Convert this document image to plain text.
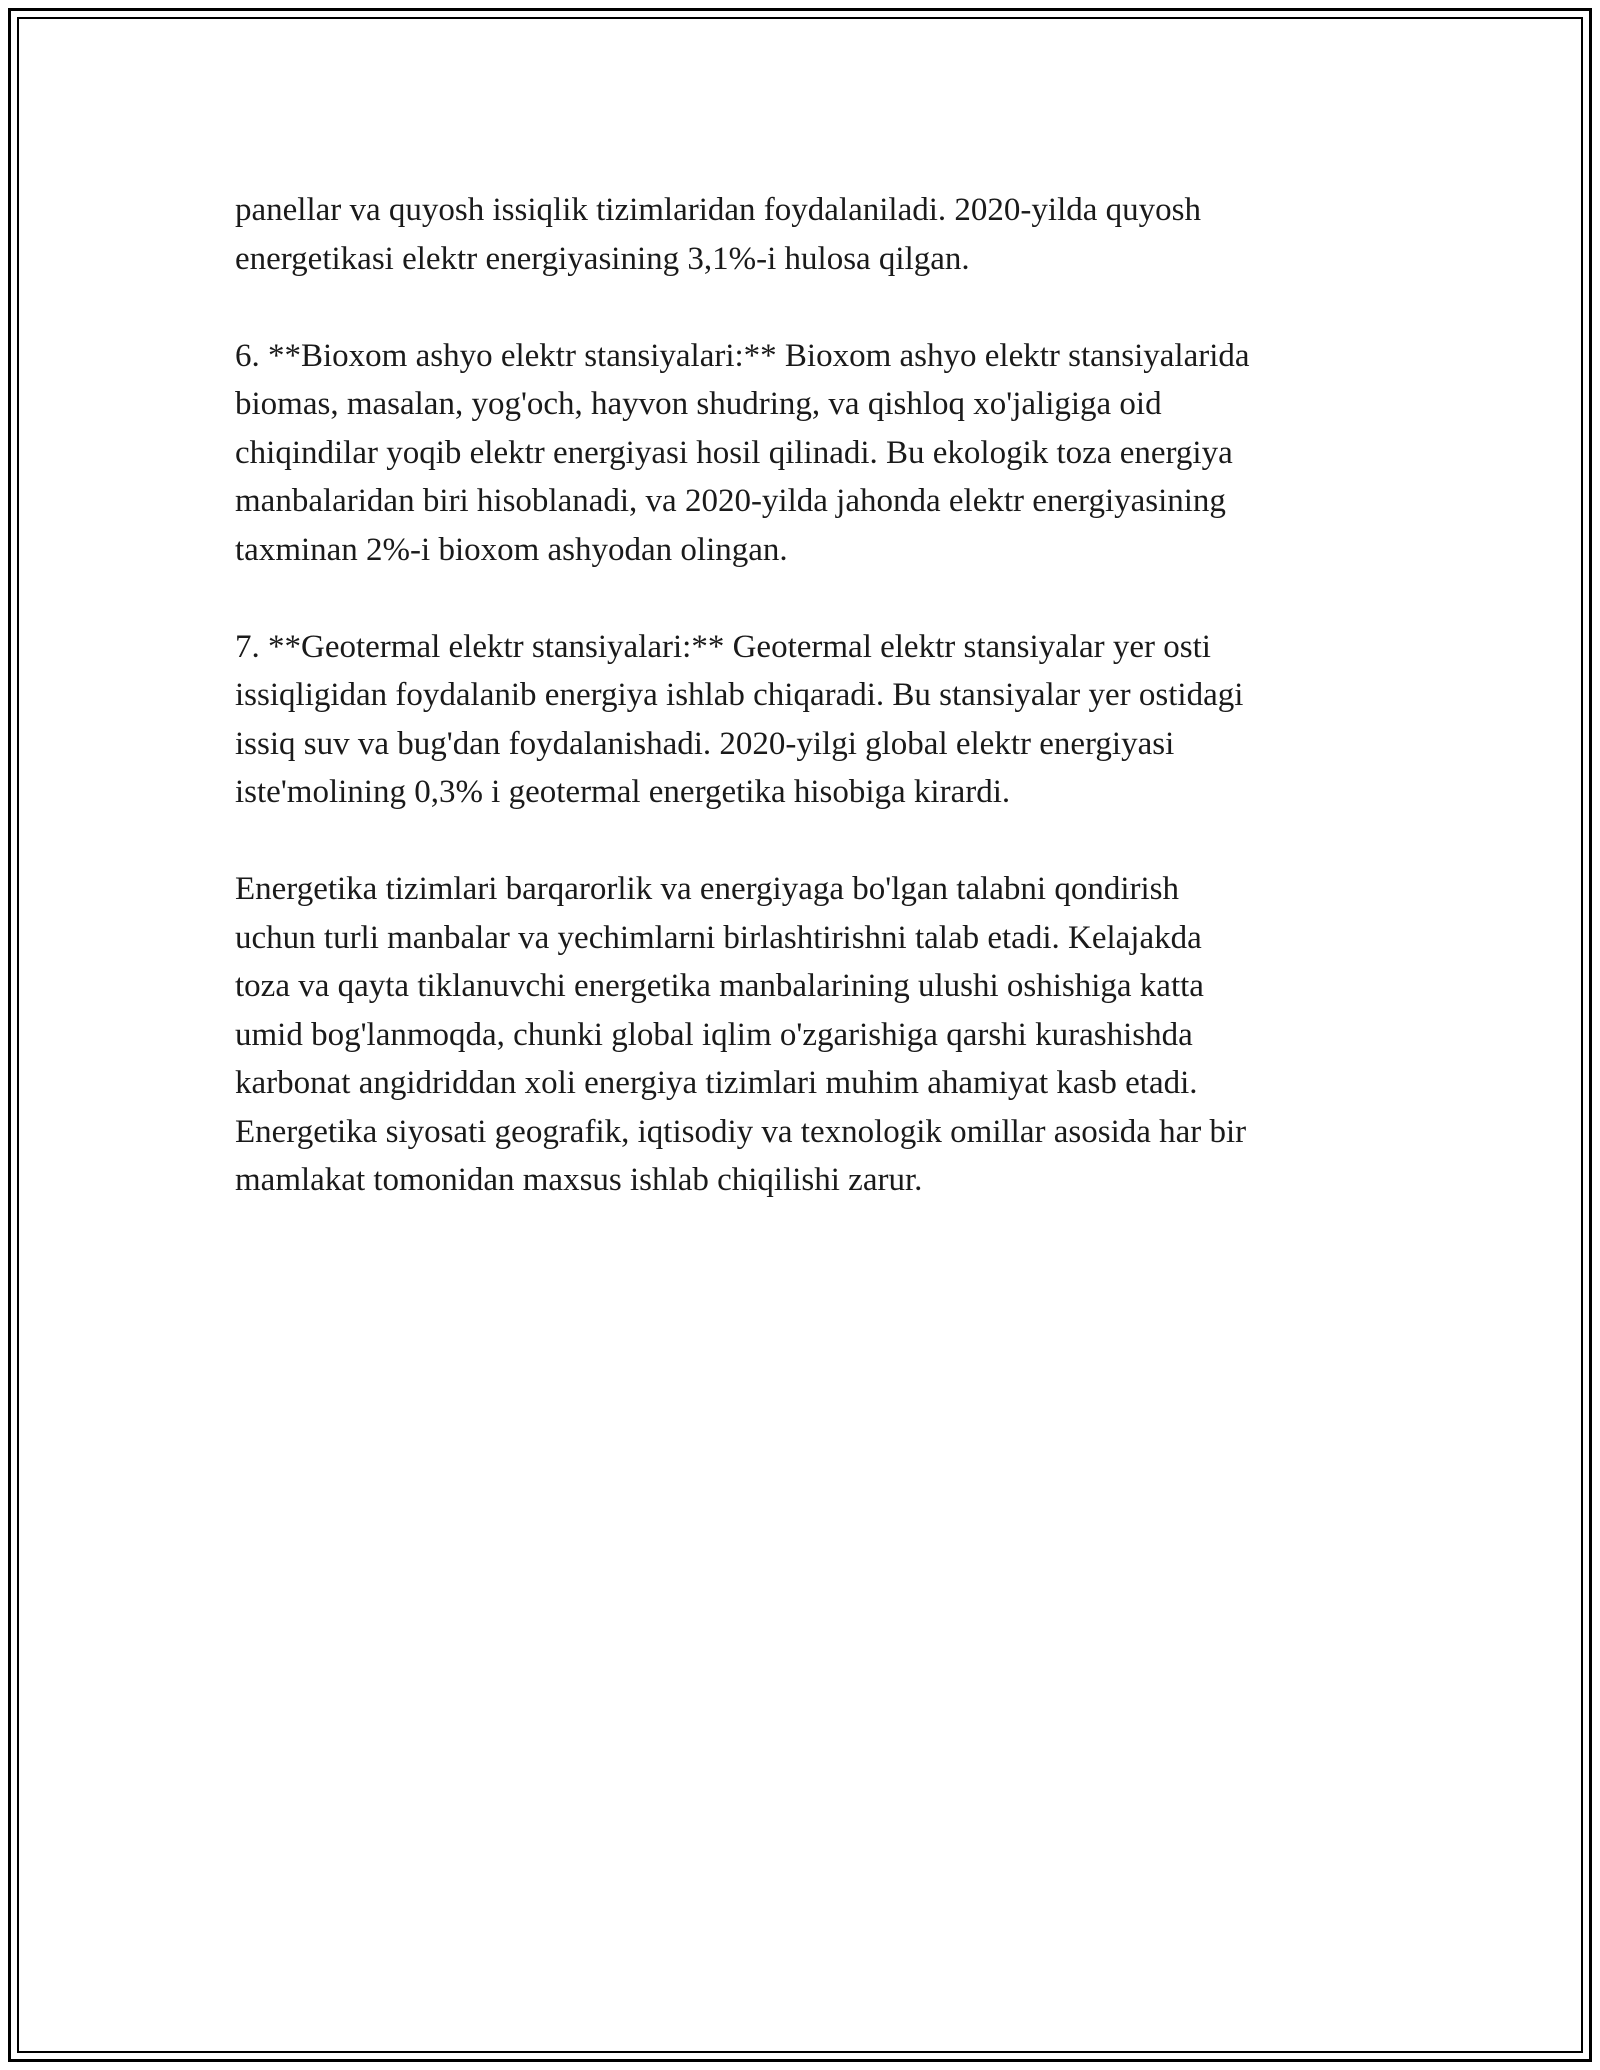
panellar va quyosh issiqlik tizimlaridan foydalaniladi. 2020-yilda quyosh
energetikasi elektr energiyasining 3,1%-i hulosa qilgan.

6. **Bioxom ashyo elektr stansiyalari:** Bioxom ashyo elektr stansiyalarida
biomas, masalan, yog'och, hayvon shudring, va qishloq xo'jaligiga oid
chiqindilar yoqib elektr energiyasi hosil qilinadi. Bu ekologik toza energiya
manbalaridan biri hisoblanadi, va 2020-yilda jahonda elektr energiyasining
taxminan 2%-i bioxom ashyodan olingan.

7. **Geotermal elektr stansiyalari:** Geotermal elektr stansiyalar yer osti
issiqligidan foydalanib energiya ishlab chiqaradi. Bu stansiyalar yer ostidagi
issiq suv va bug'dan foydalanishadi. 2020-yilgi global elektr energiyasi
iste'molining 0,3% i geotermal energetika hisobiga kirardi.

Energetika tizimlari barqarorlik va energiyaga bo'lgan talabni qondirish
uchun turli manbalar va yechimlarni birlashtirishni talab etadi. Kelajakda
toza va qayta tiklanuvchi energetika manbalarining ulushi oshishiga katta
umid bog'lanmoqda, chunki global iqlim o'zgarishiga qarshi kurashishda
karbonat angidriddan xoli energiya tizimlari muhim ahamiyat kasb etadi.
Energetika siyosati geografik, iqtisodiy va texnologik omillar asosida har bir
mamlakat tomonidan maxsus ishlab chiqilishi zarur.
